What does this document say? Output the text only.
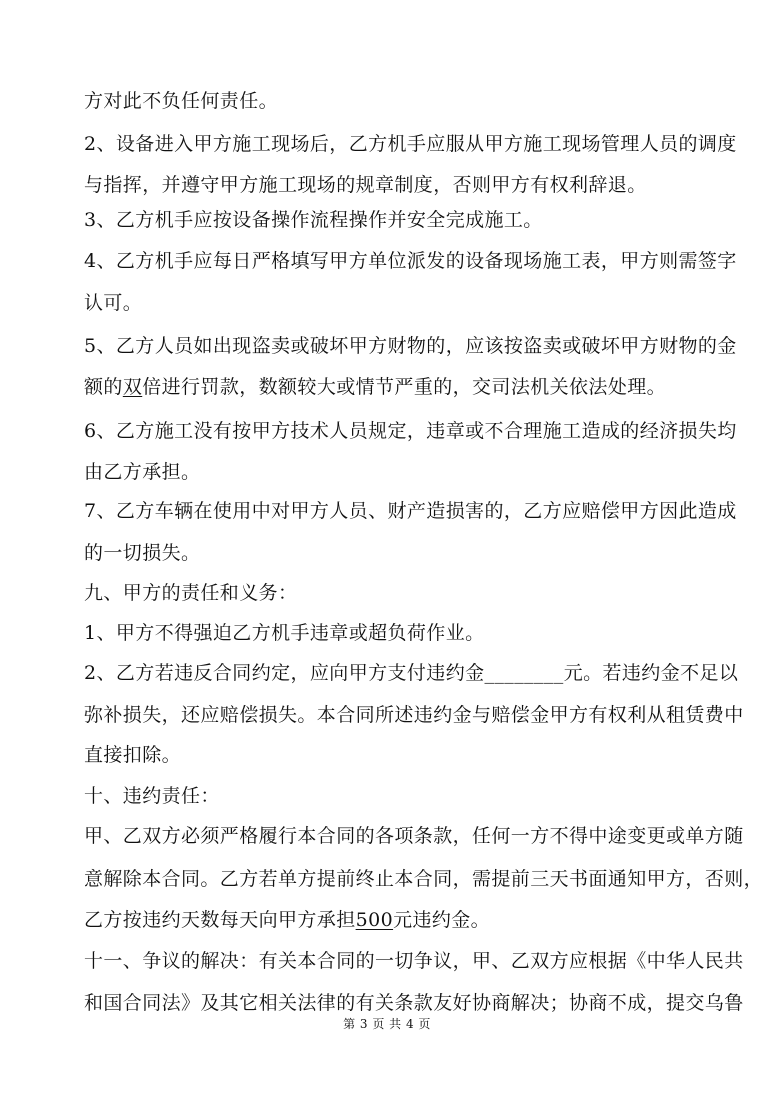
方对此不负任何责任。
2、设备进入甲方施工现场后，乙方机手应服从甲方施工现场管理人员的调度
与指挥，并遵守甲方施工现场的规章制度，否则甲方有权利辞退。
3、乙方机手应按设备操作流程操作并安全完成施工。
4、乙方机手应每日严格填写甲方单位派发的设备现场施工表，甲方则需签字
认可。
5、乙方人员如出现盗卖或破坏甲方财物的，应该按盗卖或破坏甲方财物的金
额的双倍进行罚款，数额较大或情节严重的，交司法机关依法处理。
6、乙方施工没有按甲方技术人员规定，违章或不合理施工造成的经济损失均
由乙方承担。
7、乙方车辆在使用中对甲方人员、财产造损害的，乙方应赔偿甲方因此造成
的一切损失。
九、甲方的责任和义务：
1、甲方不得强迫乙方机手违章或超负荷作业。
2、乙方若违反合同约定，应向甲方支付违约金________元。若违约金不足以
弥补损失，还应赔偿损失。本合同所述违约金与赔偿金甲方有权利从租赁费中
直接扣除。
十、违约责任：
甲、乙双方必须严格履行本合同的各项条款，任何一方不得中途变更或单方随
意解除本合同。乙方若单方提前终止本合同，需提前三天书面通知甲方，否则，
乙方按违约天数每天向甲方承担500元违约金。
十一、争议的解决：有关本合同的一切争议，甲、乙双方应根据《中华人民共
和国合同法》及其它相关法律的有关条款友好协商解决；协商不成，提交乌鲁
第 3 页 共 4 页
